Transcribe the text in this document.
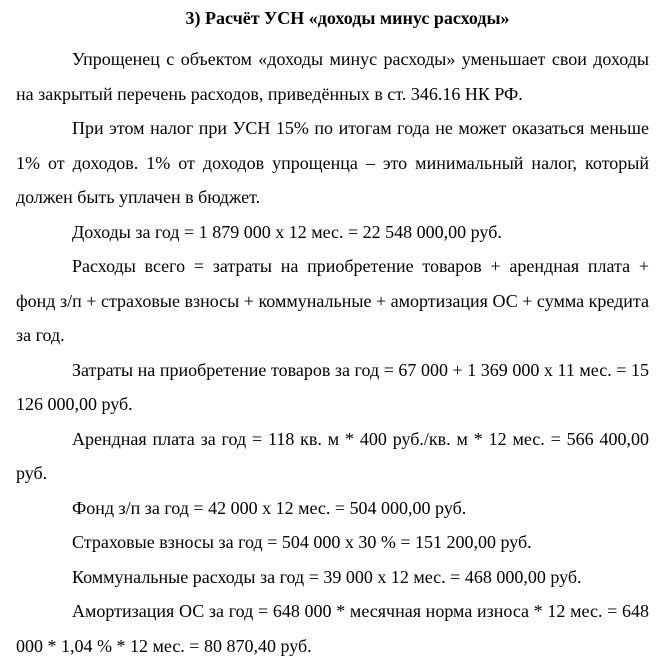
3) Расчёт УСН «доходы минус расходы»

Упрощенец с объектом «доходы минус расходы» уменьшает свои доходы на закрытый перечень расходов, приведённых в ст. 346.16 НК РФ.

При этом налог при УСН 15% по итогам года не может оказаться меньше 1% от доходов. 1% от доходов упрощенца – это минимальный налог, который должен быть уплачен в бюджет.

Доходы за год = 1 879 000 х 12 мес. = 22 548 000,00 руб.

Расходы всего = затраты на приобретение товаров + арендная плата + фонд з/п + страховые взносы + коммунальные + амортизация ОС + сумма кредита за год.

Затраты на приобретение товаров за год = 67 000 + 1 369 000 х 11 мес. = 15 126 000,00 руб.

Арендная плата за год = 118 кв. м * 400 руб./кв. м * 12 мес. = 566 400,00 руб.

Фонд з/п за год = 42 000 х 12 мес. = 504 000,00 руб.

Страховые взносы за год = 504 000 х 30 % = 151 200,00 руб.

Коммунальные расходы за год = 39 000 х 12 мес. = 468 000,00 руб.

Амортизация ОС за год = 648 000 * месячная норма износа * 12 мес. = 648 000 * 1,04 % * 12 мес. = 80 870,40 руб.
